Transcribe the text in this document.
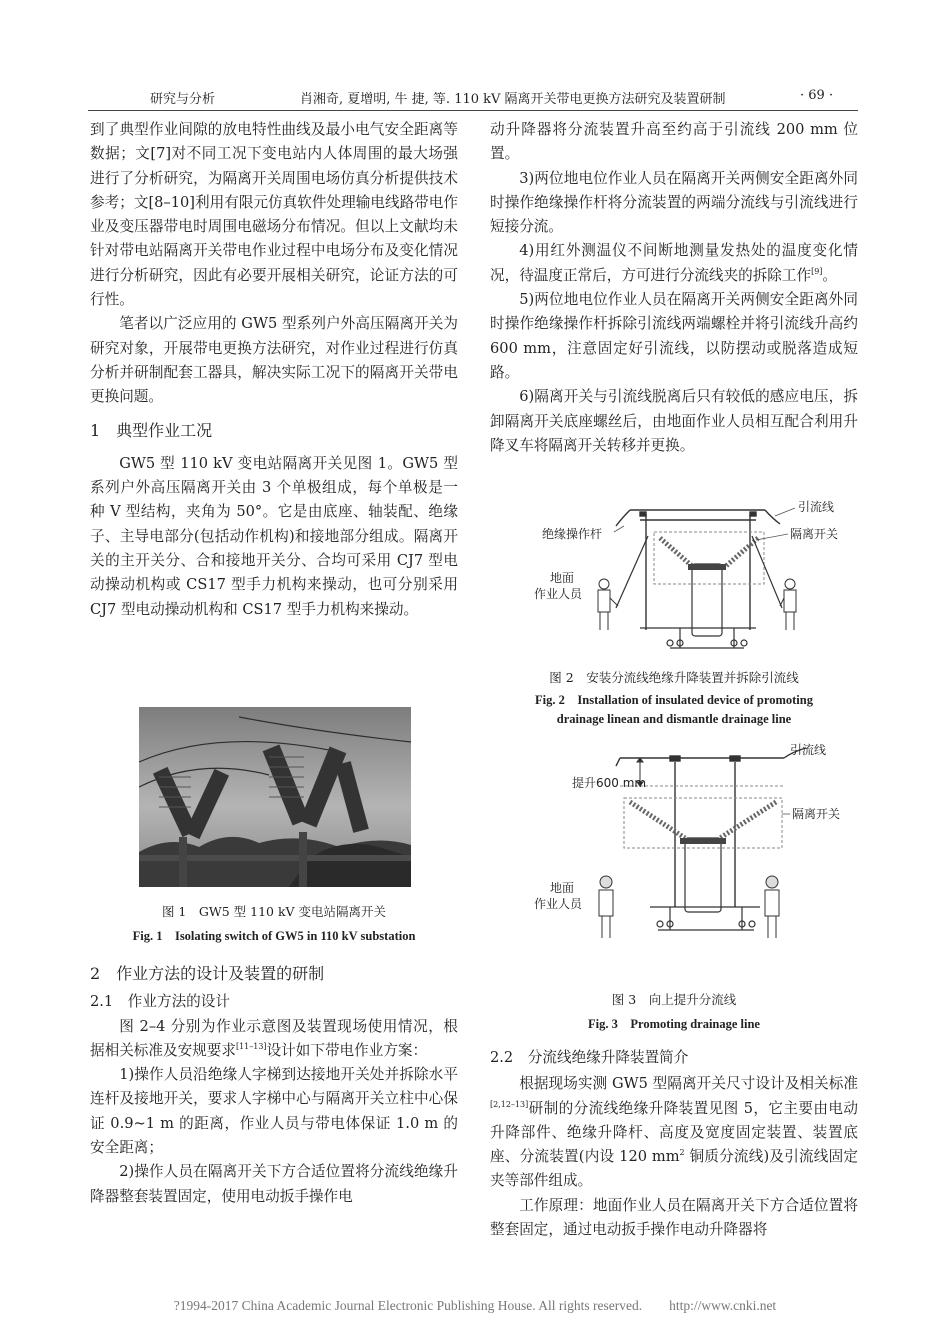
研究与分析	肖湘奇, 夏增明, 牛 捷, 等. 110 kV 隔离开关带电更换方法研究及装置研制	· 69 ·

到了典型作业间隙的放电特性曲线及最小电气安全距离等数据；文[7]对不同工况下变电站内人体周围的最大场强进行了分析研究，为隔离开关周围电场仿真分析提供技术参考；文[8–10]利用有限元仿真软件处理输电线路带电作业及变压器带电时周围电磁场分布情况。但以上文献均未针对带电站隔离开关带电作业过程中电场分布及变化情况进行分析研究，因此有必要开展相关研究，论证方法的可行性。

笔者以广泛应用的 GW5 型系列户外高压隔离开关为研究对象，开展带电更换方法研究，对作业过程进行仿真分析并研制配套工器具，解决实际工况下的隔离开关带电更换问题。

1　典型作业工况

GW5 型 110 kV 变电站隔离开关见图 1。GW5 型系列户外高压隔离开关由 3 个单极组成，每个单极是一种 V 型结构，夹角为 50°。它是由底座、轴装配、绝缘子、主导电部分(包括动作机构)和接地部分组成。隔离开关的主开关分、合和接地开关分、合均可采用 CJ7 型电动操动机构或 CS17 型手力机构来操动，也可分别采用 CJ7 型电动操动机构和 CS17 型手力机构来操动。

图 1　GW5 型 110 kV 变电站隔离开关
Fig. 1　Isolating switch of GW5 in 110 kV substation

2　作业方法的设计及装置的研制

2.1　作业方法的设计

图 2–4 分别为作业示意图及装置现场使用情况，根据相关标准及安规要求[11–13]设计如下带电作业方案：

1)操作人员沿绝缘人字梯到达接地开关处并拆除水平连杆及接地开关，要求人字梯中心与隔离开关立柱中心保证 0.9~1 m 的距离，作业人员与带电体保证 1.0 m 的安全距离；

2)操作人员在隔离开关下方合适位置将分流线绝缘升降器整套装置固定，使用电动扳手操作电

动升降器将分流装置升高至约高于引流线 200 mm 位置。

3)两位地电位作业人员在隔离开关两侧安全距离外同时操作绝缘操作杆将分流装置的两端分流线与引流线进行短接分流。

4)用红外测温仪不间断地测量发热处的温度变化情况，待温度正常后，方可进行分流线夹的拆除工作[9]。

5)两位地电位作业人员在隔离开关两侧安全距离外同时操作绝缘操作杆拆除引流线两端螺栓并将引流线升高约 600 mm，注意固定好引流线，以防摆动或脱落造成短路。

6)隔离开关与引流线脱离后只有较低的感应电压，拆卸隔离开关底座螺丝后，由地面作业人员相互配合利用升降叉车将隔离开关转移并更换。

引流线
隔离开关
绝缘操作杆
地面
作业人员
图 2　安装分流线绝缘升降装置并拆除引流线
Fig. 2　Installation of insulated device of promoting
drainage linean and dismantle drainage line
引流线
提升600 mm
隔离开关
地面
作业人员
图 3　向上提升分流线
Fig. 3　Promoting drainage line

2.2　分流线绝缘升降装置简介

根据现场实测 GW5 型隔离开关尺寸设计及相关标准[2,12–13]研制的分流线绝缘升降装置见图 5，它主要由电动升降部件、绝缘升降杆、高度及宽度固定装置、装置底座、分流装置(内设 120 $mm^2$ 铜质分流线)及引流线固定夹等部件组成。

工作原理：地面作业人员在隔离开关下方合适位置将整套固定，通过电动扳手操作电动升降器将

?1994-2017 China Academic Journal Electronic Publishing House. All rights reserved.　　http://www.cnki.net
